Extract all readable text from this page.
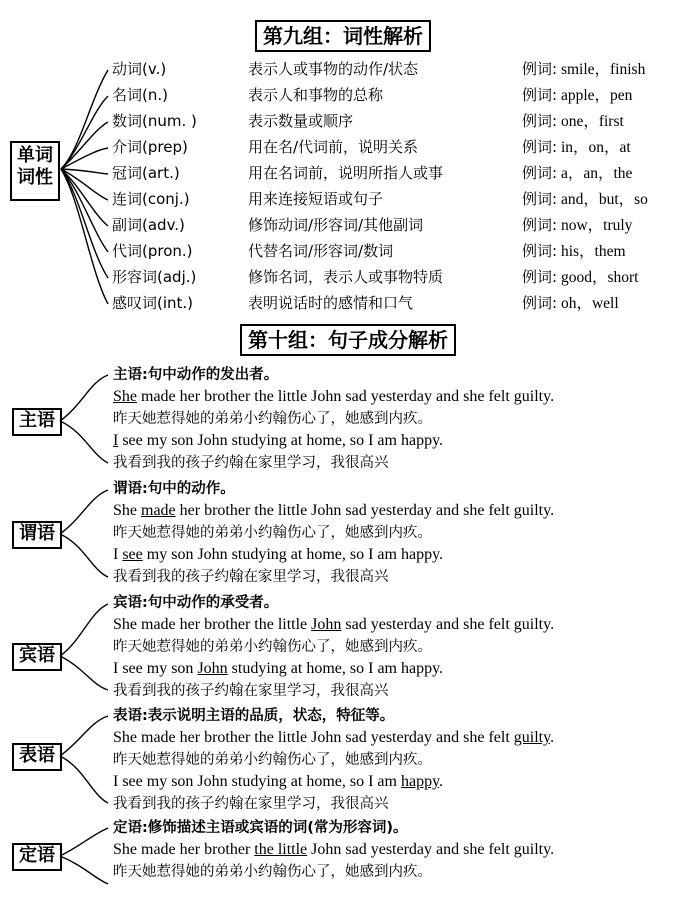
第九组：词性解析
单词
词性
动词(v.)	表示人或事物的动作/状态	例词: smile，finish
名词(n.)	表示人和事物的总称	例词: apple，pen
数词(num. )	表示数量或顺序	例词: one，first
介词(prep)	用在名/代词前，说明关系	例词: in，on，at
冠词(art.)	用在名词前，说明所指人或事	例词: a，an，the
连词(conj.)	用来连接短语或句子	例词: and，but，so
副词(adv.)	修饰动词/形容词/其他副词	例词: now，truly
代词(pron.)	代替名词/形容词/数词	例词: his，them
形容词(adj.)	修饰名词，表示人或事物特质	例词: good，short
感叹词(int.)	表明说话时的感情和口气	例词: oh，well
第十组：句子成分解析
主语
主语:句中动作的发出者。
She made her brother the little John sad yesterday and she felt guilty.
昨天她惹得她的弟弟小约翰伤心了，她感到内疚。
I see my son John studying at home, so I am happy.
我看到我的孩子约翰在家里学习，我很高兴
谓语
谓语:句中的动作。
She made her brother the little John sad yesterday and she felt guilty.
昨天她惹得她的弟弟小约翰伤心了，她感到内疚。
I see my son John studying at home, so I am happy.
我看到我的孩子约翰在家里学习，我很高兴
宾语
宾语:句中动作的承受者。
She made her brother the little John sad yesterday and she felt guilty.
昨天她惹得她的弟弟小约翰伤心了，她感到内疚。
I see my son John studying at home, so I am happy.
我看到我的孩子约翰在家里学习，我很高兴
表语
表语:表示说明主语的品质，状态，特征等。
She made her brother the little John sad yesterday and she felt guilty.
昨天她惹得她的弟弟小约翰伤心了，她感到内疚。
I see my son John studying at home, so I am happy.
我看到我的孩子约翰在家里学习，我很高兴
定语
定语:修饰描述主语或宾语的词(常为形容词)。
She made her brother the little John sad yesterday and she felt guilty.
昨天她惹得她的弟弟小约翰伤心了，她感到内疚。
